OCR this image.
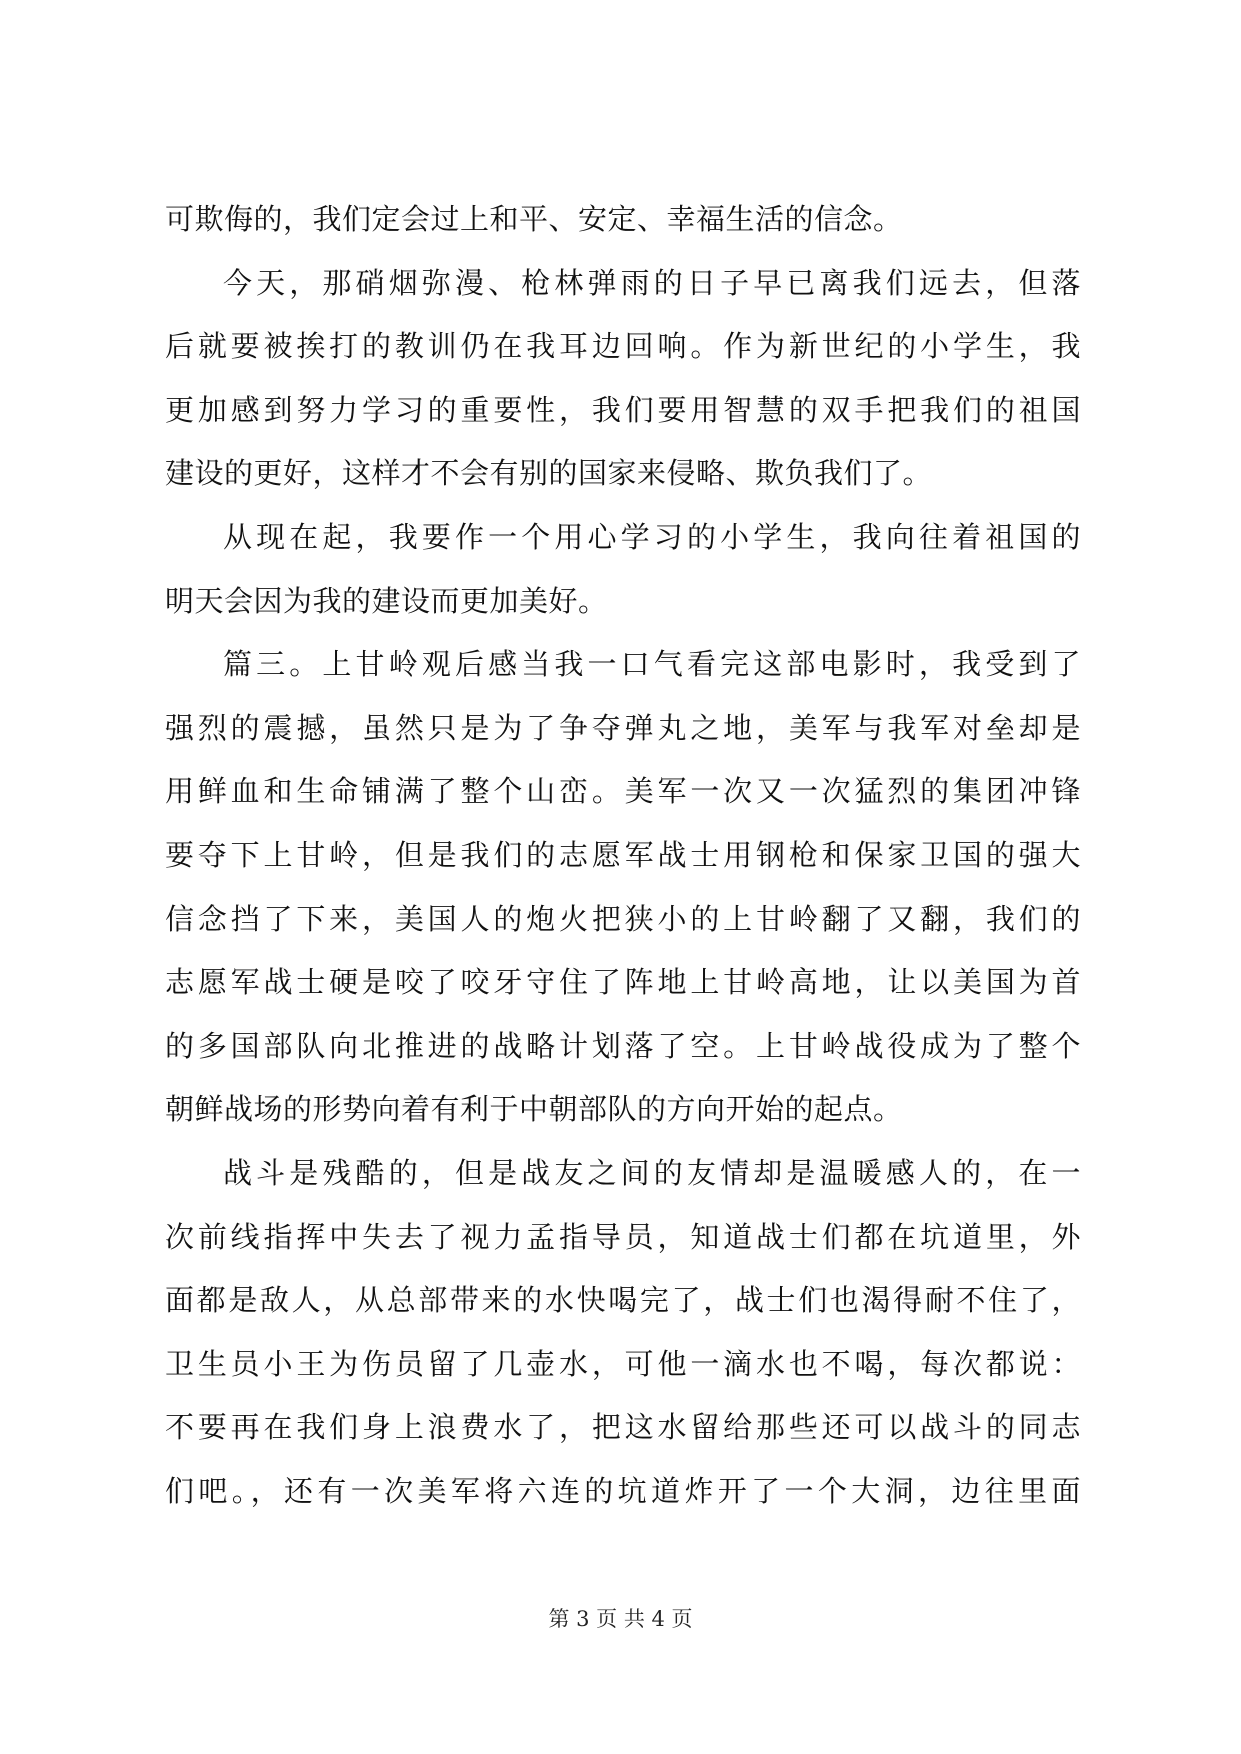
可欺侮的，我们定会过上和平、安定、幸福生活的信念。
今天，那硝烟弥漫、枪林弹雨的日子早已离我们远去，但落
后就要被挨打的教训仍在我耳边回响。作为新世纪的小学生，我
更加感到努力学习的重要性，我们要用智慧的双手把我们的祖国
建设的更好，这样才不会有别的国家来侵略、欺负我们了。
从现在起，我要作一个用心学习的小学生，我向往着祖国的
明天会因为我的建设而更加美好。
篇三。上甘岭观后感当我一口气看完这部电影时，我受到了
强烈的震撼，虽然只是为了争夺弹丸之地，美军与我军对垒却是
用鲜血和生命铺满了整个山峦。美军一次又一次猛烈的集团冲锋
要夺下上甘岭，但是我们的志愿军战士用钢枪和保家卫国的强大
信念挡了下来，美国人的炮火把狭小的上甘岭翻了又翻，我们的
志愿军战士硬是咬了咬牙守住了阵地上甘岭高地，让以美国为首
的多国部队向北推进的战略计划落了空。上甘岭战役成为了整个
朝鲜战场的形势向着有利于中朝部队的方向开始的起点。
战斗是残酷的，但是战友之间的友情却是温暖感人的，在一
次前线指挥中失去了视力孟指导员，知道战士们都在坑道里，外
面都是敌人，从总部带来的水快喝完了，战士们也渴得耐不住了，
卫生员小王为伤员留了几壶水，可他一滴水也不喝，每次都说：
不要再在我们身上浪费水了，把这水留给那些还可以战斗的同志
们吧。，还有一次美军将六连的坑道炸开了一个大洞，边往里面
第 3 页 共 4 页
